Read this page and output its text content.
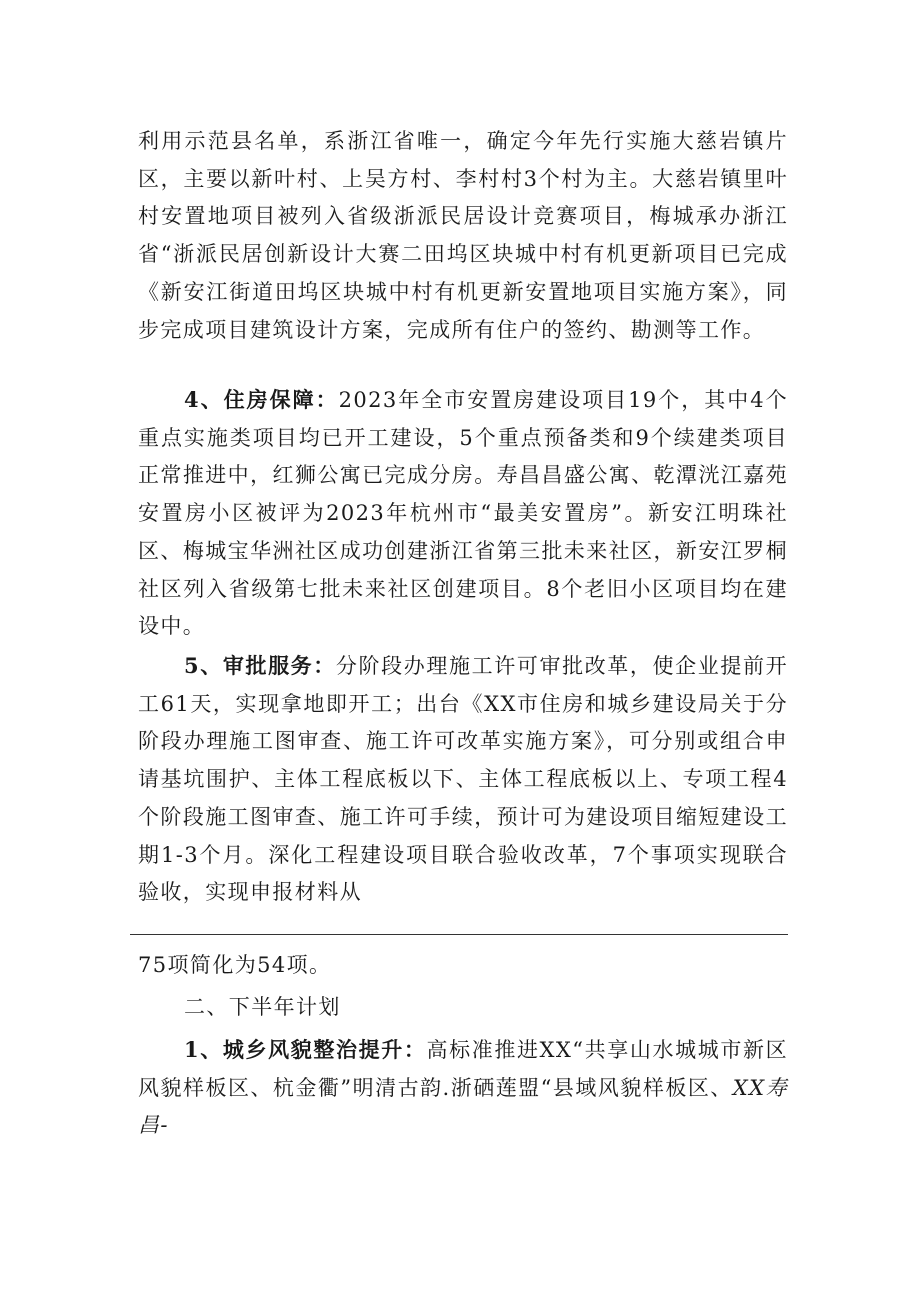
利用示范县名单，系浙江省唯一，确定今年先行实施大慈岩镇片区，主要以新叶村、上吴方村、李村村3个村为主。大慈岩镇里叶村安置地项目被列入省级浙派民居设计竞赛项目，梅城承办浙江省“浙派民居创新设计大赛二田坞区块城中村有机更新项目已完成《新安江街道田坞区块城中村有机更新安置地项目实施方案》，同步完成项目建筑设计方案，完成所有住户的签约、勘测等工作。

4、住房保障：2023年全市安置房建设项目19个，其中4个重点实施类项目均已开工建设，5个重点预备类和9个续建类项目正常推进中，红狮公寓已完成分房。寿昌昌盛公寓、乾潭洸江嘉苑安置房小区被评为2023年杭州市“最美安置房”。新安江明珠社区、梅城宝华洲社区成功创建浙江省第三批未来社区，新安江罗桐社区列入省级第七批未来社区创建项目。8个老旧小区项目均在建设中。

5、审批服务：分阶段办理施工许可审批改革，使企业提前开工61天，实现拿地即开工；出台《XX市住房和城乡建设局关于分阶段办理施工图审查、施工许可改革实施方案》，可分别或组合申请基坑围护、主体工程底板以下、主体工程底板以上、专项工程4个阶段施工图审查、施工许可手续，预计可为建设项目缩短建设工期1-3个月。深化工程建设项目联合验收改革，7个事项实现联合验收，实现申报材料从

75项简化为54项。

二、下半年计划

1、城乡风貌整治提升：高标准推进XX“共享山水城城市新区风貌样板区、杭金衢”明清古韵.浙硒莲盟“县域风貌样板区、XX寿昌-
